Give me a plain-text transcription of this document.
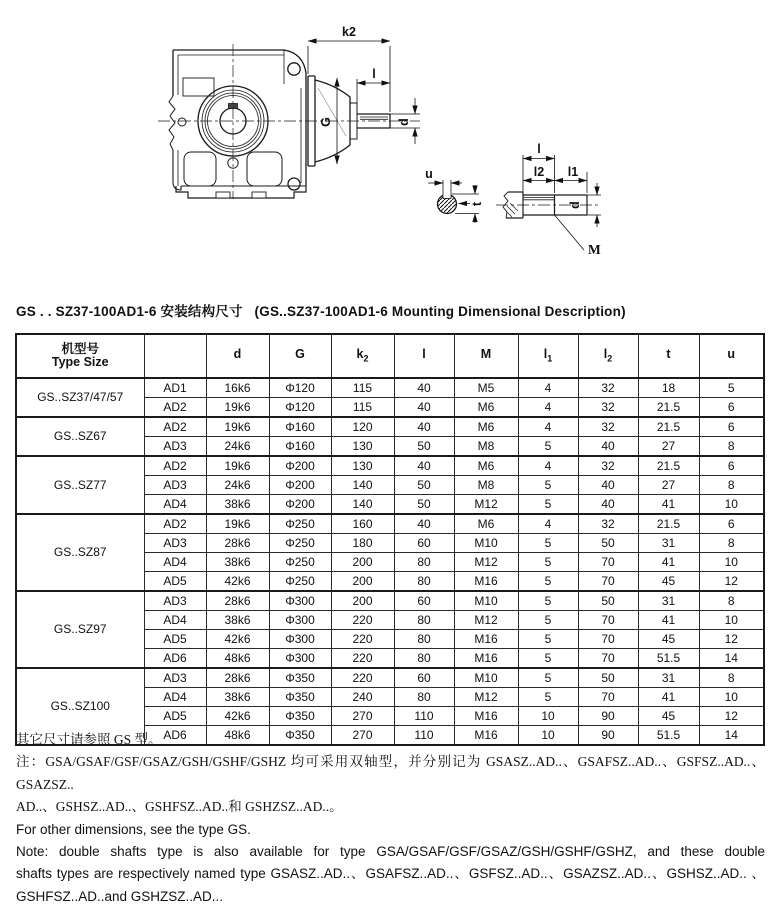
k2
l
G	d
u
t
l
l2 l1
d
M
GS . . SZ37-100AD1-6 安装结构尺寸   (GS..SZ37-100AD1-6 Mounting Dimensional Description)
机型号
Type Size		d	G	$k_2$	l	M	$l_1$	$l_2$	t	u
GS..SZ37/47/57	AD1	16k6	Φ120	115	40	M5	4	32	18	5
	AD2	19k6	Φ120	115	40	M6	4	32	21.5	6
GS..SZ67	AD2	19k6	Φ160	120	40	M6	4	32	21.5	6
	AD3	24k6	Φ160	130	50	M8	5	40	27	8
GS..SZ77	AD2	19k6	Φ200	130	40	M6	4	32	21.5	6
	AD3	24k6	Φ200	140	50	M8	5	40	27	8
	AD4	38k6	Φ200	140	50	M12	5	40	41	10
GS..SZ87	AD2	19k6	Φ250	160	40	M6	4	32	21.5	6
	AD3	28k6	Φ250	180	60	M10	5	50	31	8
	AD4	38k6	Φ250	200	80	M12	5	70	41	10
	AD5	42k6	Φ250	200	80	M16	5	70	45	12
GS..SZ97	AD3	28k6	Φ300	200	60	M10	5	50	31	8
	AD4	38k6	Φ300	220	80	M12	5	70	41	10
	AD5	42k6	Φ300	220	80	M16	5	70	45	12
	AD6	48k6	Φ300	220	80	M16	5	70	51.5	14
GS..SZ100	AD3	28k6	Φ350	220	60	M10	5	50	31	8
	AD4	38k6	Φ350	240	80	M12	5	70	41	10
	AD5	42k6	Φ350	270	110	M16	10	90	45	12
	AD6	48k6	Φ350	270	110	M16	10	90	51.5	14
其它尺寸请参照 GS 型。
注：GSA/GSAF/GSF/GSAZ/GSH/GSHF/GSHZ 均可采用双轴型，并分别记为 GSASZ..AD..、GSAFSZ..AD..、GSFSZ..AD..、GSAZSZ..
AD..、GSHSZ..AD..、GSHFSZ..AD..和 GSHZSZ..AD..。
For other dimensions, see the type GS.
Note: double shafts type is also available for type GSA/GSAF/GSF/GSAZ/GSH/GSHF/GSHZ, and these double
shafts types are respectively named type GSASZ..AD..、GSAFSZ..AD..、GSFSZ..AD..、GSAZSZ..AD..、GSHSZ..AD.. 、
GSHFSZ..AD..and GSHZSZ..AD...
